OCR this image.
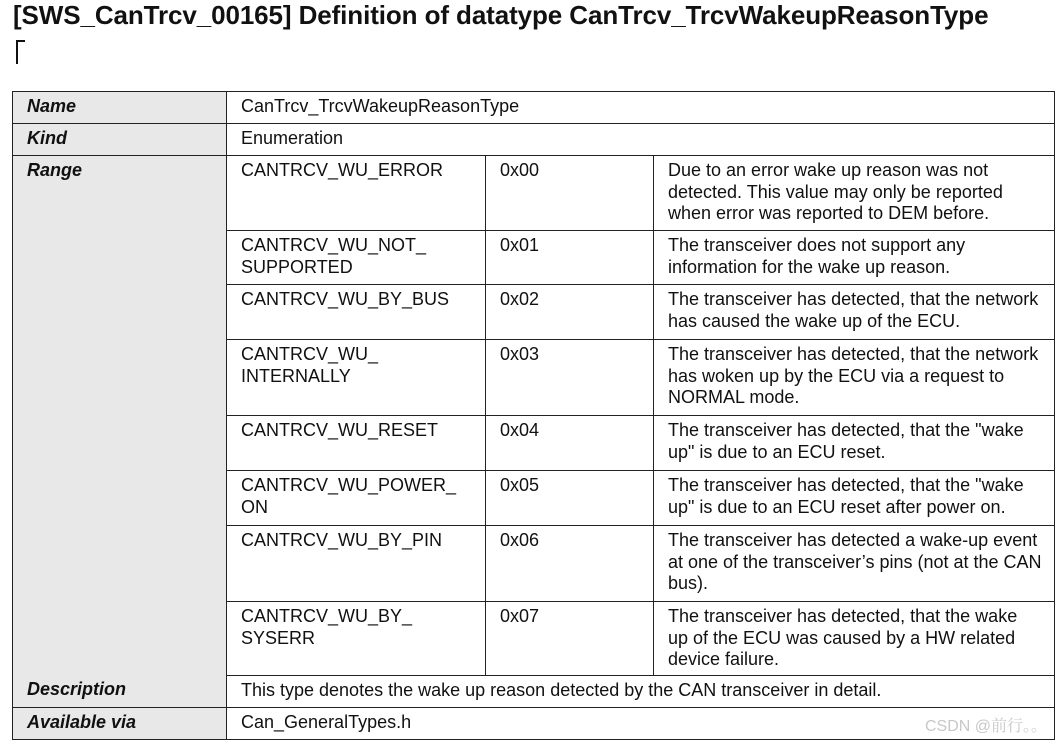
[SWS_CanTrcv_00165] Definition of datatype CanTrcv_TrcvWakeupReasonType
Name	CanTrcv_TrcvWakeupReasonType		
Kind	Enumeration		
Range	CANTRCV_WU_ERROR	0x00	Due to an error wake up reason was not detected. This value may only be reported when error was reported to DEM before.
	CANTRCV_WU_NOT_ SUPPORTED	0x01	The transceiver does not support any information for the wake up reason.
	CANTRCV_WU_BY_BUS	0x02	The transceiver has detected, that the network has caused the wake up of the ECU.
	CANTRCV_WU_ INTERNALLY	0x03	The transceiver has detected, that the network has woken up by the ECU via a request to NORMAL mode.
	CANTRCV_WU_RESET	0x04	The transceiver has detected, that the "wake up" is due to an ECU reset.
	CANTRCV_WU_POWER_ ON	0x05	The transceiver has detected, that the "wake up" is due to an ECU reset after power on.
	CANTRCV_WU_BY_PIN	0x06	The transceiver has detected a wake-up event at one of the transceiver’s pins (not at the CAN bus).
	CANTRCV_WU_BY_ SYSERR	0x07	The transceiver has detected, that the wake up of the ECU was caused by a HW related device failure.
Description	This type denotes the wake up reason detected by the CAN transceiver in detail.		
Available via	Can_GeneralTypes.h			CSDN @前行。。
